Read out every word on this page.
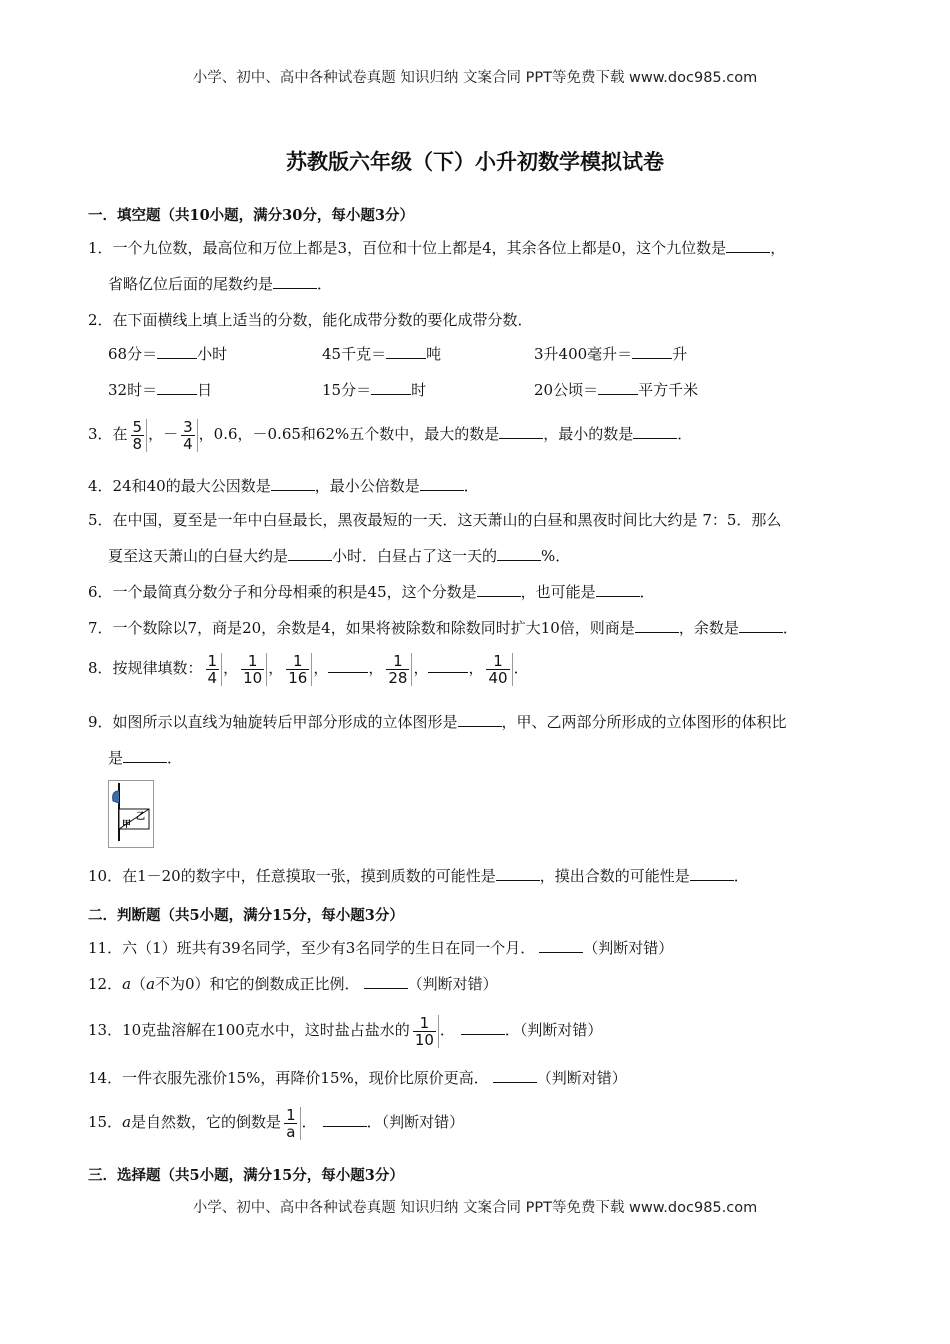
小学、初中、高中各种试卷真题 知识归纳 文案合同 PPT等免费下载 www.doc985.com
苏教版六年级（下）小升初数学模拟试卷
一．填空题（共10小题，满分30分，每小题3分）
1．一个九位数，最高位和万位上都是3，百位和十位上都是4，其余各位上都是0，这个九位数是	，
省略亿位后面的尾数约是	．
2．在下面横线上填上适当的分数，能化成带分数的要化成带分数．
68分＝	小时	45千克＝	吨	3升400毫升＝	升
32时＝	日	15分＝	时	20公顷＝	平方千米
3．在 $\frac{5}{8}$ ，－ $\frac{3}{4}$ ，0.6，－0.65和62%五个数中，最大的数是	，最小的数是	．
4．24和40的最大公因数是	，最小公倍数是	．
5．在中国，夏至是一年中白昼最长，黑夜最短的一天．这天萧山的白昼和黑夜时间比大约是 7：5．那么
夏至这天萧山的白昼大约是	小时．白昼占了这一天的	%．
6．一个最简真分数分子和分母相乘的积是45，这个分数是	，也可能是	．
7．一个数除以7，商是20，余数是4，如果将被除数和除数同时扩大10倍，则商是	，余数是	．
8．按规律填数： $\frac{1}{4}$ ， $\frac{1}{10}$ ， $\frac{1}{16}$ ，	， $\frac{1}{28}$ ，	， $\frac{1}{40}$ ．
9．如图所示以直线为轴旋转后甲部分形成的立体图形是	，甲、乙两部分所形成的立体图形的体积比
是	．
甲
乙
10．在1－20的数字中，任意摸取一张，摸到质数的可能性是	，摸出合数的可能性是	．
二．判断题（共5小题，满分15分，每小题3分）
11．六（1）班共有39名同学，至少有3名同学的生日在同一个月．	（判断对错）
12．a（a不为0）和它的倒数成正比例．	（判断对错）
13．10克盐溶解在100克水中，这时盐占盐水的 $\frac{1}{10}$ ．	．（判断对错）
14．一件衣服先涨价15%，再降价15%，现价比原价更高．	（判断对错）
15．a是自然数，它的倒数是 $\frac{1}{a}$ ．	．（判断对错）
三．选择题（共5小题，满分15分，每小题3分）
小学、初中、高中各种试卷真题 知识归纳 文案合同 PPT等免费下载 www.doc985.com
